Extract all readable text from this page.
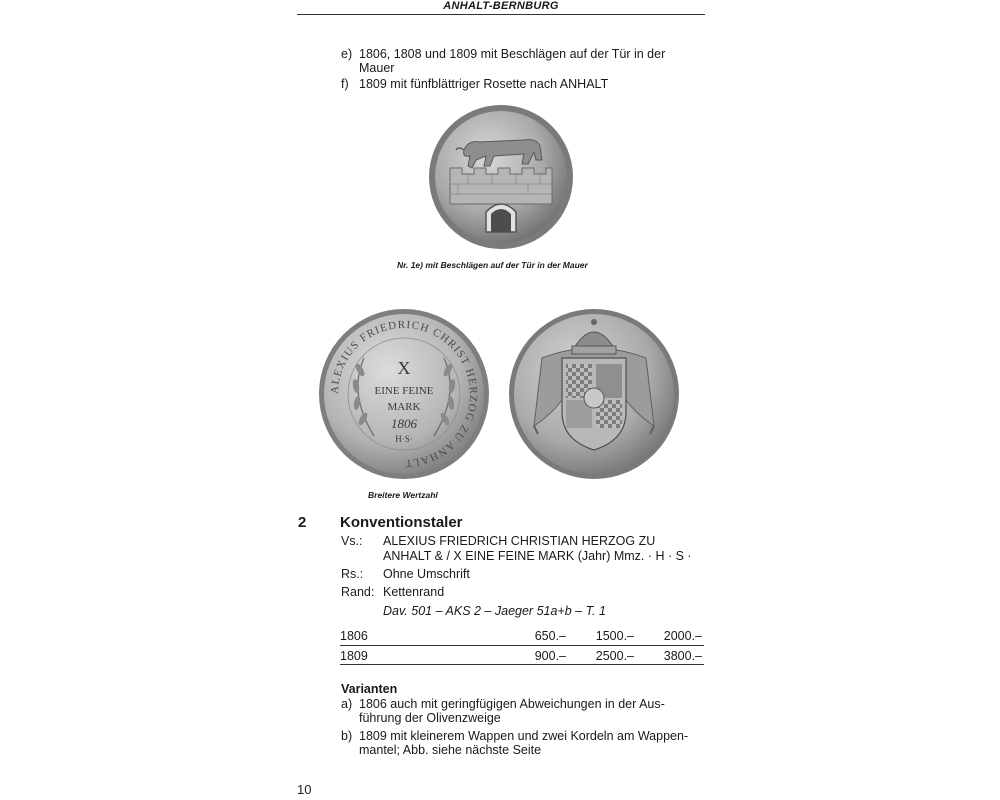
ANHALT-BERNBURG
e) 1806, 1808 und 1809 mit Beschlägen auf der Tür in der
Mauer
f) 1809 mit fünfblättriger Rosette nach ANHALT
Nr. 1e) mit Beschlägen auf der Tür in der Mauer
ALEXIUS FRIEDRICH CHRIST HERZOG ZU ANHALT
X
EINE FEINE
MARK
1806
H·S·
Breitere Wertzahl
2 Konventionstaler
Vs.: ALEXIUS FRIEDRICH CHRISTIAN HERZOG ZU
ANHALT & / X EINE FEINE MARK (Jahr) Mmz. · H · S ·
Rs.: Ohne Umschrift
Rand: Kettenrand
Dav. 501 – AKS 2 – Jaeger 51a+b – T. 1
1806	650.– 1500.– 2000.–
1809	900.– 2500.– 3800.–
Varianten
a) 1806 auch mit geringfügigen Abweichungen in der Aus-
führung der Olivenzweige
b) 1809 mit kleinerem Wappen und zwei Kordeln am Wappen-
mantel; Abb. siehe nächste Seite
10
